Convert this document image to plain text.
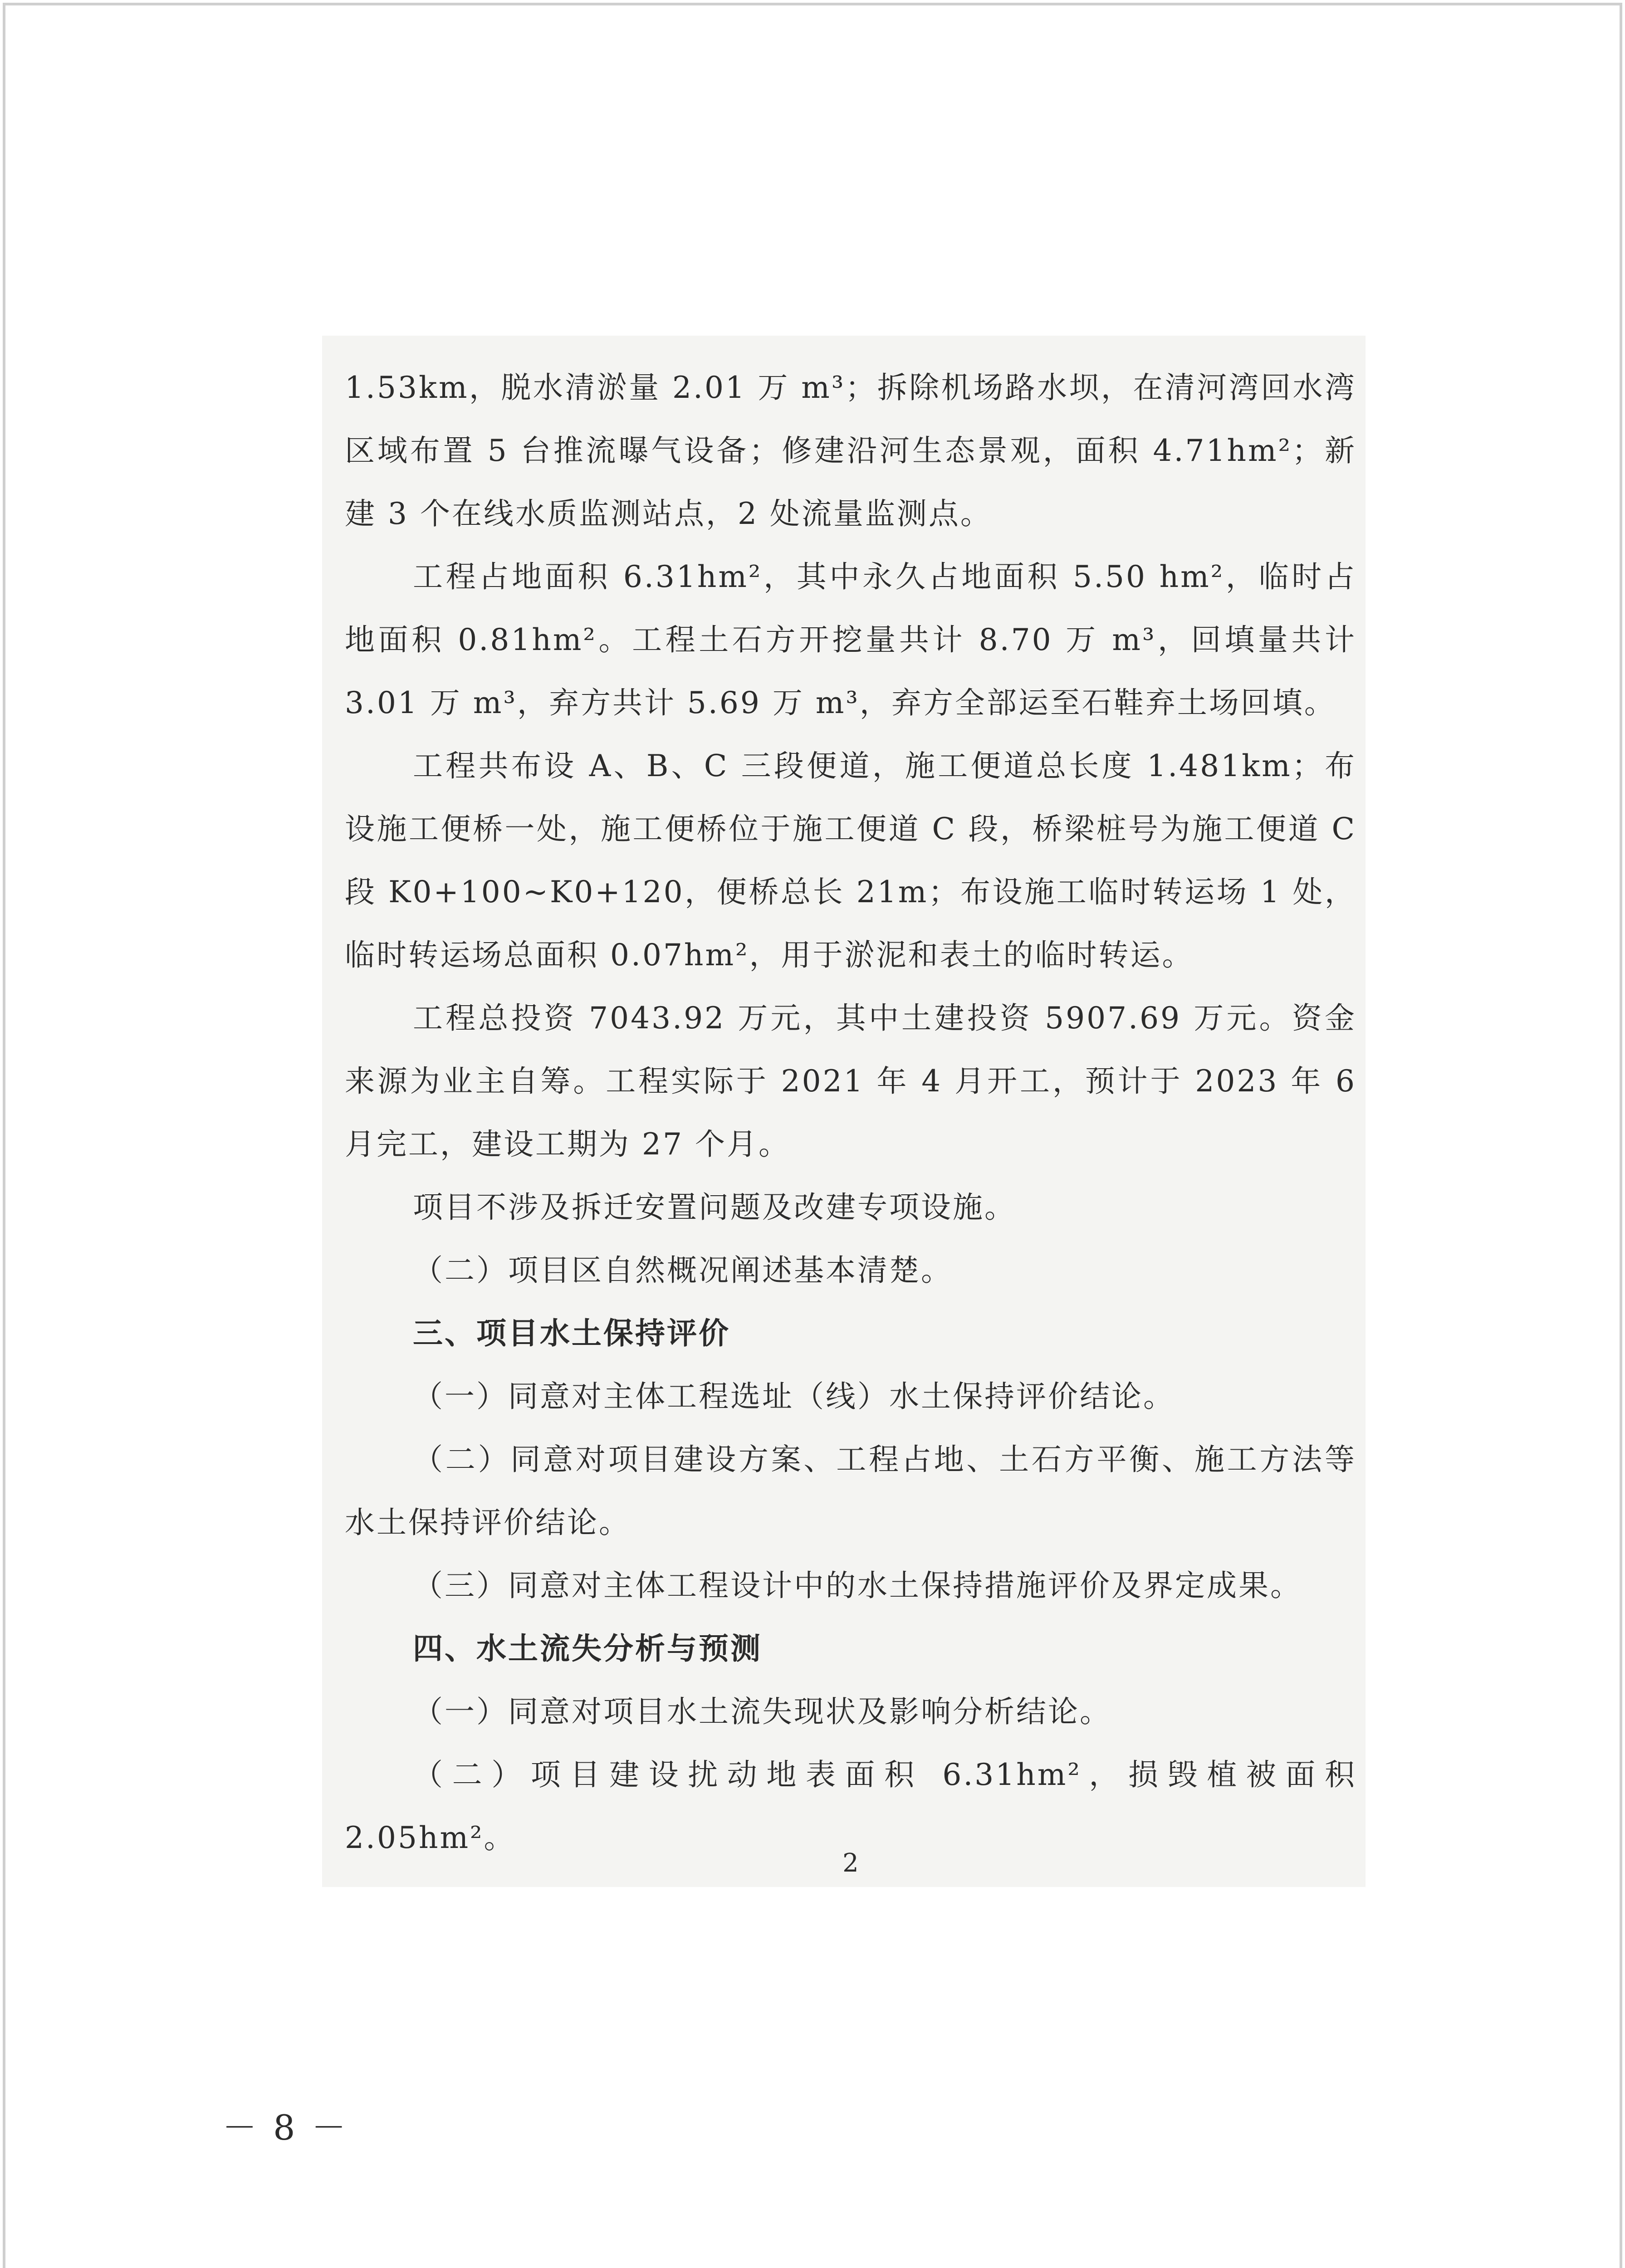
1.53km，脱水清淤量 2.01 万 m³；拆除机场路水坝，在清河湾回水湾区域布置 5 台推流曝气设备；修建沿河生态景观，面积 4.71hm²；新建 3 个在线水质监测站点，2 处流量监测点。

工程占地面积 6.31hm²，其中永久占地面积 5.50 hm²，临时占地面积 0.81hm²。工程土石方开挖量共计 8.70 万 m³，回填量共计 3.01 万 m³，弃方共计 5.69 万 m³，弃方全部运至石鞋弃土场回填。

工程共布设 A、B、C 三段便道，施工便道总长度 1.481km；布设施工便桥一处，施工便桥位于施工便道 C 段，桥梁桩号为施工便道 C 段 K0+100~K0+120，便桥总长 21m；布设施工临时转运场 1 处，临时转运场总面积 0.07hm²，用于淤泥和表土的临时转运。

工程总投资 7043.92 万元，其中土建投资 5907.69 万元。资金来源为业主自筹。工程实际于 2021 年 4 月开工，预计于 2023 年 6 月完工，建设工期为 27 个月。

项目不涉及拆迁安置问题及改建专项设施。

（二）项目区自然概况阐述基本清楚。

三、项目水土保持评价

（一）同意对主体工程选址（线）水土保持评价结论。

（二）同意对项目建设方案、工程占地、土石方平衡、施工方法等水土保持评价结论。

（三）同意对主体工程设计中的水土保持措施评价及界定成果。

四、水土流失分析与预测

（一）同意对项目水土流失现状及影响分析结论。

（二）项目建设扰动地表面积 6.31hm²，损毁植被面积 2.05hm²。

2
－ 8 －
